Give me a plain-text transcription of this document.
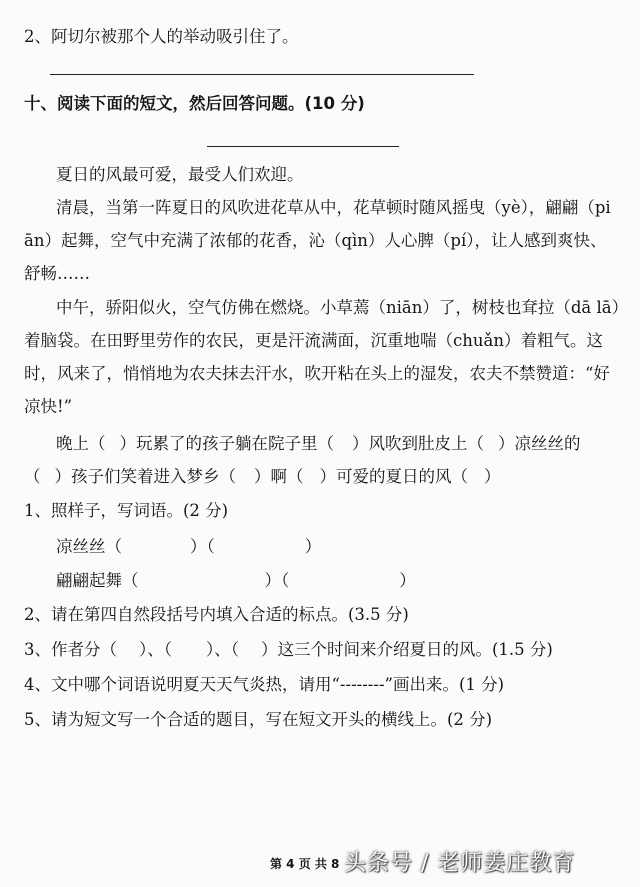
2、阿切尔被那个人的举动吸引住了。
十、阅读下面的短文，然后回答问题。(10 分)
夏日的风最可爱，最受人们欢迎。
清晨，当第一阵夏日的风吹进花草从中，花草顿时随风摇曳（yè），翩翩（pi
ān）起舞，空气中充满了浓郁的花香，沁（qìn）人心脾（pí），让人感到爽快、
舒畅……
中午，骄阳似火，空气仿佛在燃烧。小草蔫（niān）了，树枝也耷拉（dā lā）
着脑袋。在田野里劳作的农民，更是汗流满面，沉重地喘（chuǎn）着粗气。这
时，风来了，悄悄地为农夫抹去汗水，吹开粘在头上的湿发，农夫不禁赞道：“好
凉快!”
晚上（ ）玩累了的孩子躺在院子里（ ）风吹到肚皮上（ ）凉丝丝的
（ ）孩子们笑着进入梦乡（ ）啊（ ）可爱的夏日的风（ ）
1、照样子，写词语。(2 分)
凉丝丝（	）（	）
翩翩起舞（	）（	）
2、请在第四自然段括号内填入合适的标点。(3.5 分)
3、作者分（ ）、（ ）、（ ）这三个时间来介绍夏日的风。(1.5 分)
4、文中哪个词语说明夏天天气炎热，请用“--------”画出来。(1 分)
5、请为短文写一个合适的题目，写在短文开头的横线上。(2 分)
第 4 页 共 8 头条号 / 老师姜庄教育
